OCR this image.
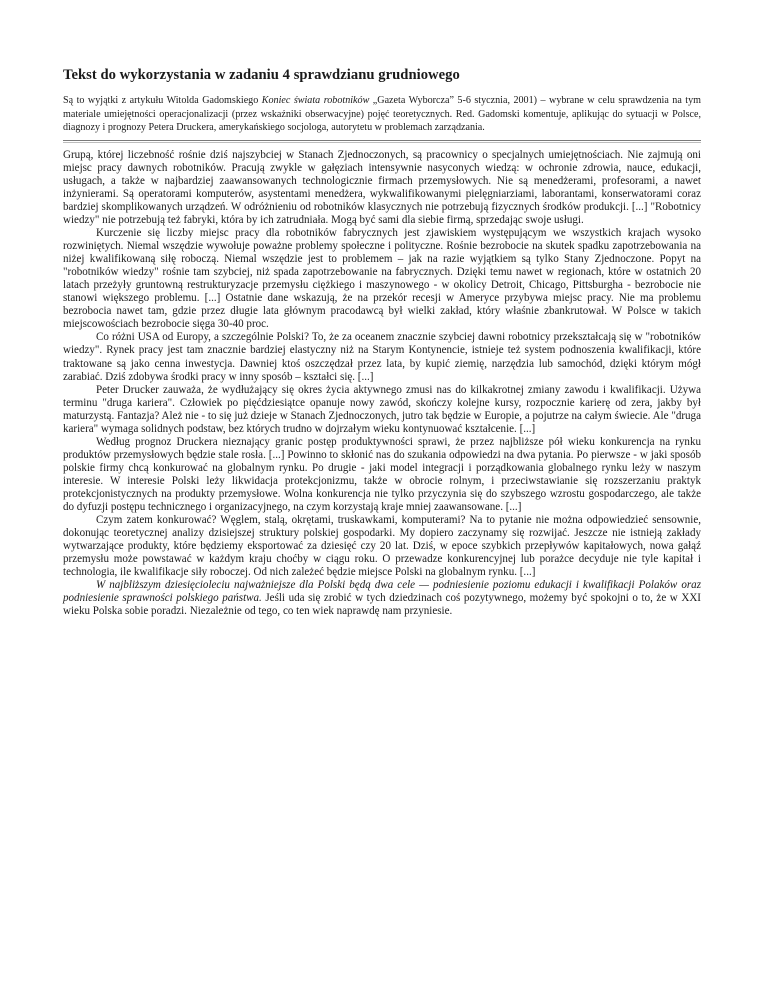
Tekst do wykorzystania w zadaniu 4 sprawdzianu grudniowego

Są to wyjątki z artykułu Witolda Gadomskiego Koniec świata robotników „Gazeta Wyborcza” 5-6 stycznia, 2001) – wybrane w celu sprawdzenia na tym materiale umiejętności operacjonalizacji (przez wskaźniki obserwacyjne) pojęć teoretycznych. Red. Gadomski komentuje, aplikując do sytuacji w Polsce, diagnozy i prognozy Petera Druckera, amerykańskiego socjologa, autorytetu w problemach zarządzania.

Grupą, której liczebność rośnie dziś najszybciej w Stanach Zjednoczonych, są pracownicy o specjalnych umiejętnościach. Nie zajmują oni miejsc pracy dawnych robotników. Pracują zwykle w gałęziach intensywnie nasyconych wiedzą: w ochronie zdrowia, nauce, edukacji, usługach, a także w najbardziej zaawansowanych technologicznie firmach przemysłowych. Nie są menedżerami, profesorami, a nawet inżynierami. Są operatorami komputerów, asystentami menedżera, wykwalifikowanymi pielęgniarziami, laborantami, konserwatorami coraz bardziej skomplikowanych urządzeń. W odróżnieniu od robotników klasycznych nie potrzebują fizycznych środków produkcji. [...] "Robotnicy wiedzy" nie potrzebują też fabryki, która by ich zatrudniała. Mogą być sami dla siebie firmą, sprzedając swoje usługi.

Kurczenie się liczby miejsc pracy dla robotników fabrycznych jest zjawiskiem występującym we wszystkich krajach wysoko rozwiniętych. Niemal wszędzie wywołuje poważne problemy społeczne i polityczne. Rośnie bezrobocie na skutek spadku zapotrzebowania na niżej kwalifikowaną siłę roboczą. Niemal wszędzie jest to problemem – jak na razie wyjątkiem są tylko Stany Zjednoczone. Popyt na "robotników wiedzy" rośnie tam szybciej, niż spada zapotrzebowanie na fabrycznych. Dzięki temu nawet w regionach, które w ostatnich 20 latach przeżyły gruntowną restrukturyzacje przemysłu ciężkiego i maszynowego - w okolicy Detroit, Chicago, Pittsburgha - bezrobocie nie stanowi większego problemu. [...] Ostatnie dane wskazują, że na przekór recesji w Ameryce przybywa miejsc pracy. Nie ma problemu bezrobocia nawet tam, gdzie przez długie lata głównym pracodawcą był wielki zakład, który właśnie zbankrutował. W Polsce w takich miejscowościach bezrobocie sięga 30-40 proc.

Co różni USA od Europy, a szczególnie Polski? To, że za oceanem znacznie szybciej dawni robotnicy przekształcają się w "robotników wiedzy". Rynek pracy jest tam znacznie bardziej elastyczny niż na Starym Kontynencie, istnieje też system podnoszenia kwalifikacji, które traktowane są jako cenna inwestycja. Dawniej ktoś oszczędzał przez lata, by kupić ziemię, narzędzia lub samochód, dzięki którym mógł zarabiać. Dziś zdobywa środki pracy w inny sposób – kształci się. [...]

Peter Drucker zauważa, że wydłużający się okres życia aktywnego zmusi nas do kilkakrotnej zmiany zawodu i kwalifikacji. Używa terminu "druga kariera". Człowiek po pięćdziesiątce opanuje nowy zawód, skończy kolejne kursy, rozpocznie karierę od zera, jakby był maturzystą. Fantazja? Ależ nie - to się już dzieje w Stanach Zjednoczonych, jutro tak będzie w Europie, a pojutrze na całym świecie. Ale "druga kariera" wymaga solidnych podstaw, bez których trudno w dojrzałym wieku kontynuować kształcenie. [...]

Według prognoz Druckera nieznający granic postęp produktywności sprawi, że przez najbliższe pół wieku konkurencja na rynku produktów przemysłowych będzie stale rosła. [...] Powinno to skłonić nas do szukania odpowiedzi na dwa pytania. Po pierwsze - w jaki sposób polskie firmy chcą konkurować na globalnym rynku. Po drugie - jaki model integracji i porządkowania globalnego rynku leży w naszym interesie. W interesie Polski leży likwidacja protekcjonizmu, także w obrocie rolnym, i przeciwstawianie się rozszerzaniu praktyk protekcjonistycznych na produkty przemysłowe. Wolna konkurencja nie tylko przyczynia się do szybszego wzrostu gospodarczego, ale także do dyfuzji postępu technicznego i organizacyjnego, na czym korzystają kraje mniej zaawansowane. [...]

Czym zatem konkurować? Węglem, stalą, okrętami, truskawkami, komputerami? Na to pytanie nie można odpowiedzieć sensownie, dokonując teoretycznej analizy dzisiejszej struktury polskiej gospodarki. My dopiero zaczynamy się rozwijać. Jeszcze nie istnieją zakłady wytwarzające produkty, które będziemy eksportować za dziesięć czy 20 lat. Dziś, w epoce szybkich przepływów kapitałowych, nowa gałąź przemysłu może powstawać w każdym kraju choćby w ciągu roku. O przewadze konkurencyjnej lub porażce decyduje nie tyle kapitał i technologia, ile kwalifikacje siły roboczej. Od nich zależeć będzie miejsce Polski na globalnym rynku. [...]

W najbliższym dziesięcioleciu najważniejsze dla Polski będą dwa cele — podniesienie poziomu edukacji i kwalifikacji Polaków oraz podniesienie sprawności polskiego państwa. Jeśli uda się zrobić w tych dziedzinach coś pozytywnego, możemy być spokojni o to, że w XXI wieku Polska sobie poradzi. Niezależnie od tego, co ten wiek naprawdę nam przyniesie.
